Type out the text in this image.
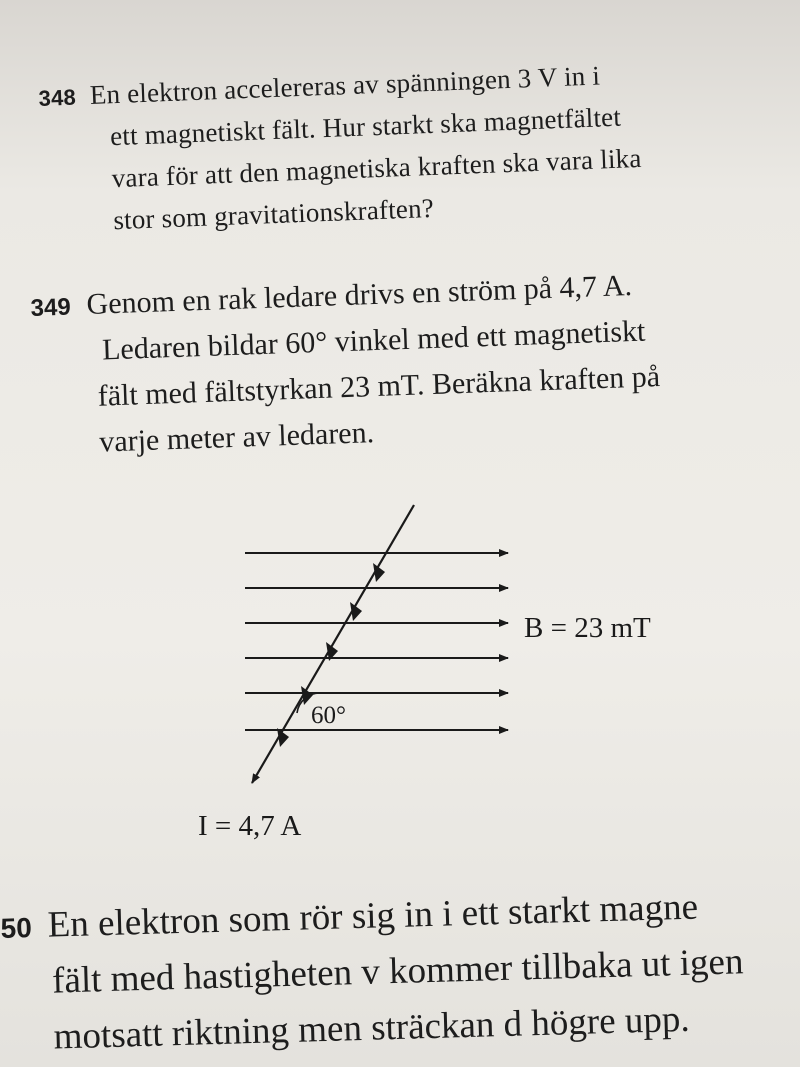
348 En elektron accelereras av spänningen 3 V in i
ett magnetiskt fält. Hur starkt ska magnetfältet
vara för att den magnetiska kraften ska vara lika
stor som gravitationskraften?
349 Genom en rak ledare drivs en ström på 4,7 A.
Ledaren bildar 60° vinkel med ett magnetiskt
fält med fältstyrkan 23 mT. Beräkna kraften på
varje meter av ledaren.
60°
B = 23 mT
I = 4,7 A
50 En elektron som rör sig in i ett starkt magne
fält med hastigheten v kommer tillbaka ut igen
motsatt riktning men sträckan d högre upp.
